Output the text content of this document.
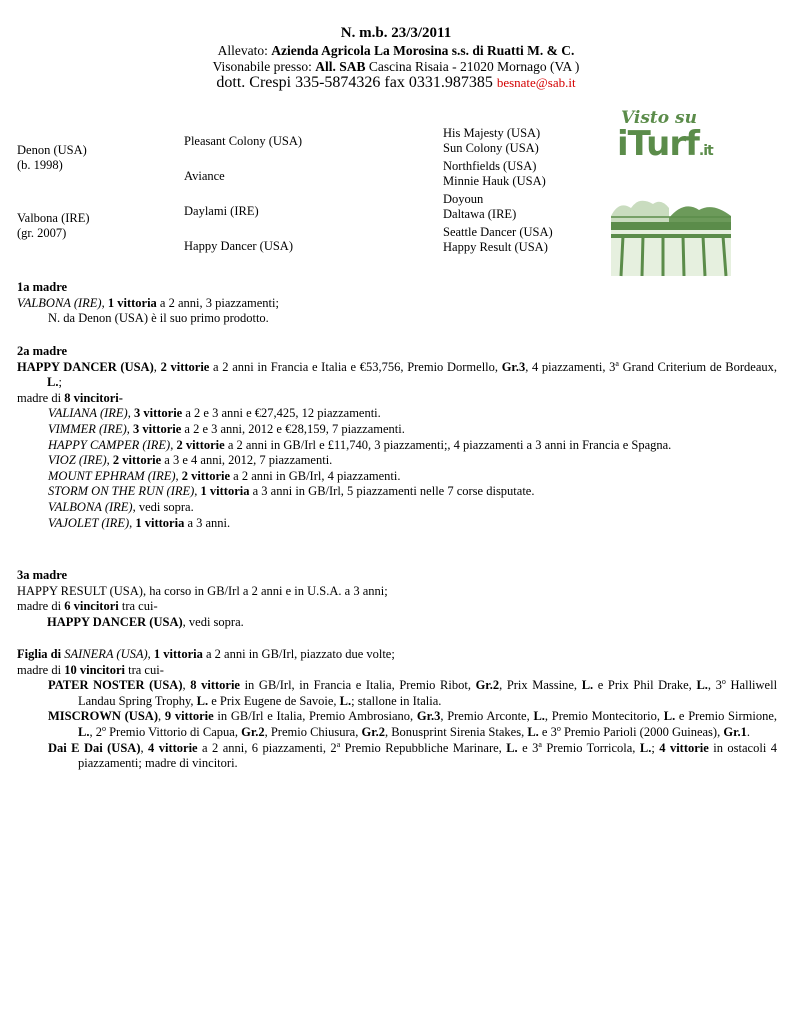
N. m.b. 23/3/2011
Allevato: Azienda Agricola La Morosina s.s. di Ruatti M. & C.
Visonabile presso: All. SAB Cascina Risaia - 21020 Mornago (VA )
dott. Crespi 335-5874326 fax 0331.987385 besnate@sab.it
Visto su
iTurf.it
Denon (USA)
(b. 1998)
Valbona (IRE)
(gr. 2007)
Pleasant Colony (USA)
Aviance
Daylami (IRE)
Happy Dancer (USA)
His Majesty (USA)
Sun Colony (USA)
Northfields (USA)
Minnie Hauk (USA)
Doyoun
Daltawa (IRE)
Seattle Dancer (USA)
Happy Result (USA)

1a madre

VALBONA (IRE), 1 vittoria a 2 anni, 3 piazzamenti;

N. da Denon (USA) è il suo primo prodotto.

2a madre

HAPPY DANCER (USA), 2 vittorie a 2 anni in Francia e Italia e €53,756, Premio Dormello, Gr.3, 4 piazzamenti, 3$^a$ Grand Criterium de Bordeaux, L.;

madre di 8 vincitori-

VALIANA (IRE), 3 vittorie a 2 e 3 anni e €27,425, 12 piazzamenti.

VIMMER (IRE), 3 vittorie a 2 e 3 anni, 2012 e €28,159, 7 piazzamenti.

HAPPY CAMPER (IRE), 2 vittorie a 2 anni in GB/Irl e £11,740, 3 piazzamenti;, 4 piazzamenti a 3 anni in Francia e Spagna.

VIOZ (IRE), 2 vittorie a 3 e 4 anni, 2012, 7 piazzamenti.

MOUNT EPHRAM (IRE), 2 vittorie a 2 anni in GB/Irl, 4 piazzamenti.

STORM ON THE RUN (IRE), 1 vittoria a 3 anni in GB/Irl, 5 piazzamenti nelle 7 corse disputate.

VALBONA (IRE), vedi sopra.

VAJOLET (IRE), 1 vittoria a 3 anni.

3a madre

HAPPY RESULT (USA), ha corso in GB/Irl a 2 anni e in U.S.A. a 3 anni;

madre di 6 vincitori tra cui-

HAPPY DANCER (USA), vedi sopra.

Figlia di SAINERA (USA), 1 vittoria a 2 anni in GB/Irl, piazzato due volte;

madre di 10 vincitori tra cui-

PATER NOSTER (USA), 8 vittorie in GB/Irl, in Francia e Italia, Premio Ribot, Gr.2, Prix Massine, L. e Prix Phil Drake, L., 3$^o$ Halliwell Landau Spring Trophy, L. e Prix Eugene de Savoie, L.; stallone in Italia.

MISCROWN (USA), 9 vittorie in GB/Irl e Italia, Premio Ambrosiano, Gr.3, Premio Arconte, L., Premio Montecitorio, L. e Premio Sirmione, L., 2$^o$ Premio Vittorio di Capua, Gr.2, Premio Chiusura, Gr.2, Bonusprint Sirenia Stakes, L. e 3$^o$ Premio Parioli (2000 Guineas), Gr.1.

Dai E Dai (USA), 4 vittorie a 2 anni, 6 piazzamenti, 2$^a$ Premio Repubbliche Marinare, L. e 3$^a$ Premio Torricola, L.; 4 vittorie in ostacoli 4 piazzamenti; madre di vincitori.
